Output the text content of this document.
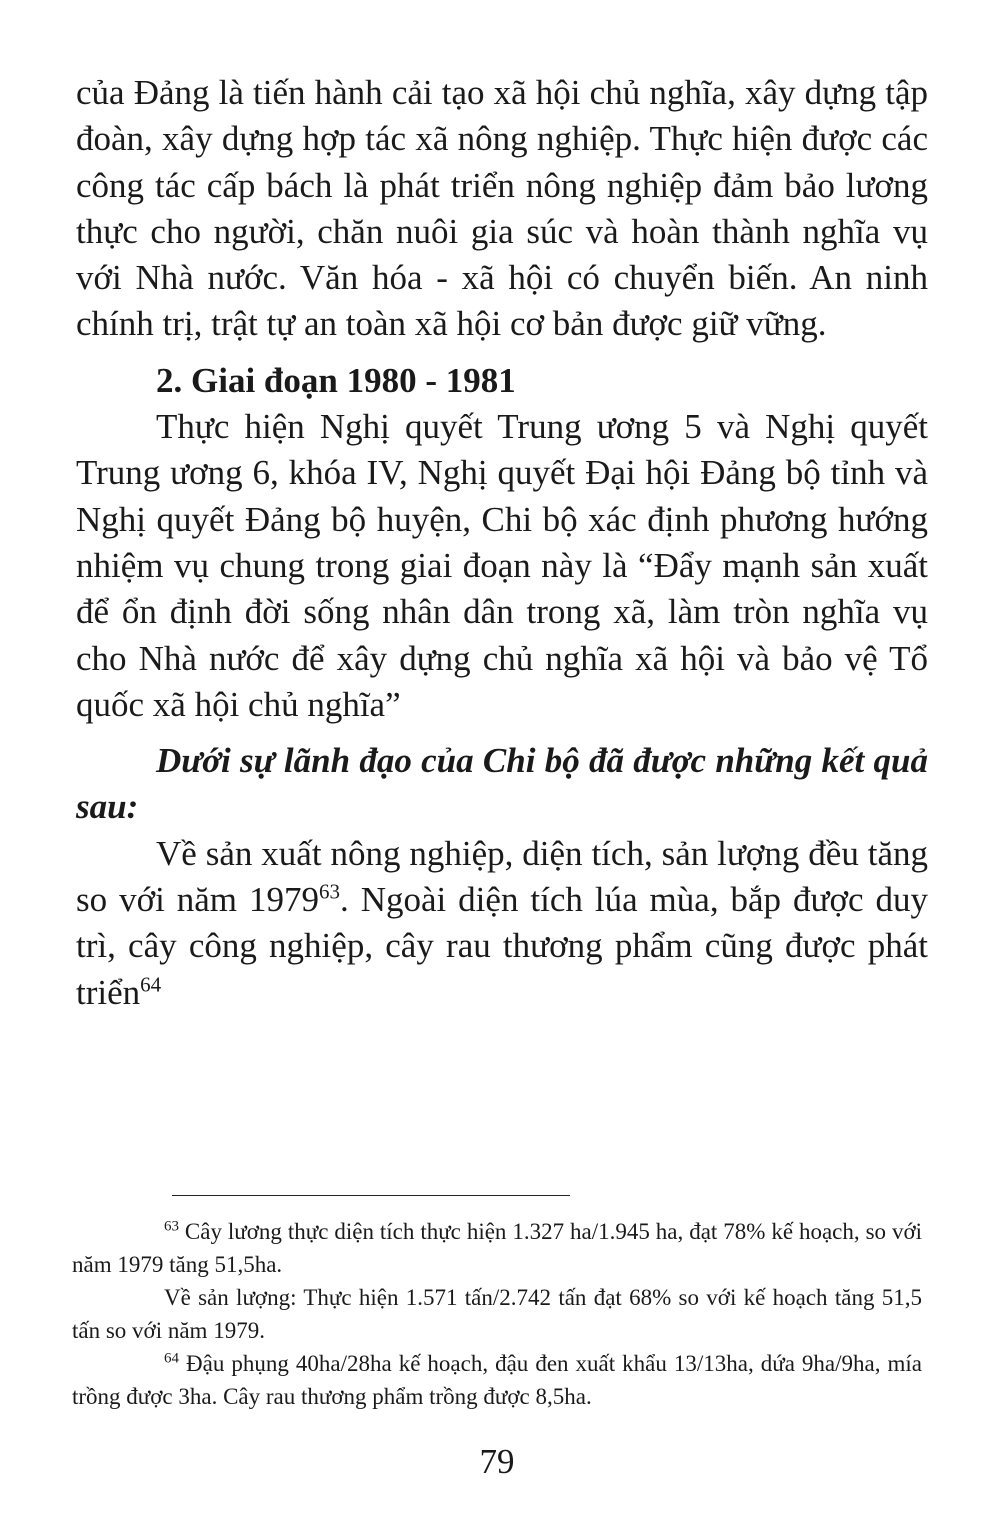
của Đảng là tiến hành cải tạo xã hội chủ nghĩa, xây dựng tập đoàn, xây dựng hợp tác xã nông nghiệp. Thực hiện được các công tác cấp bách là phát triển nông nghiệp đảm bảo lương thực cho người, chăn nuôi gia súc và hoàn thành nghĩa vụ với Nhà nước. Văn hóa - xã hội có chuyển biến. An ninh chính trị, trật tự an toàn xã hội cơ bản được giữ vững.

2. Giai đoạn 1980 - 1981

Thực hiện Nghị quyết Trung ương 5 và Nghị quyết Trung ương 6, khóa IV, Nghị quyết Đại hội Đảng bộ tỉnh và Nghị quyết Đảng bộ huyện, Chi bộ xác định phương hướng nhiệm vụ chung trong giai đoạn này là “Đẩy mạnh sản xuất để ổn định đời sống nhân dân trong xã, làm tròn nghĩa vụ cho Nhà nước để xây dựng chủ nghĩa xã hội và bảo vệ Tổ quốc xã hội chủ nghĩa”

Dưới sự lãnh đạo của Chi bộ đã được những kết quả sau:

Về sản xuất nông nghiệp, diện tích, sản lượng đều tăng so với năm 1979$^{63}$. Ngoài diện tích lúa mùa, bắp được duy trì, cây công nghiệp, cây rau thương phẩm cũng được phát triển$^{64}$

$^{63}$ Cây lương thực diện tích thực hiện 1.327 ha/1.945 ha, đạt 78% kế hoạch, so với năm 1979 tăng 51,5ha.

Về sản lượng: Thực hiện 1.571 tấn/2.742 tấn đạt 68% so với kế hoạch tăng 51,5 tấn so với năm 1979.

$^{64}$ Đậu phụng 40ha/28ha kế hoạch, đậu đen xuất khẩu 13/13ha, dứa 9ha/9ha, mía trồng được 3ha. Cây rau thương phẩm trồng được 8,5ha.

79
